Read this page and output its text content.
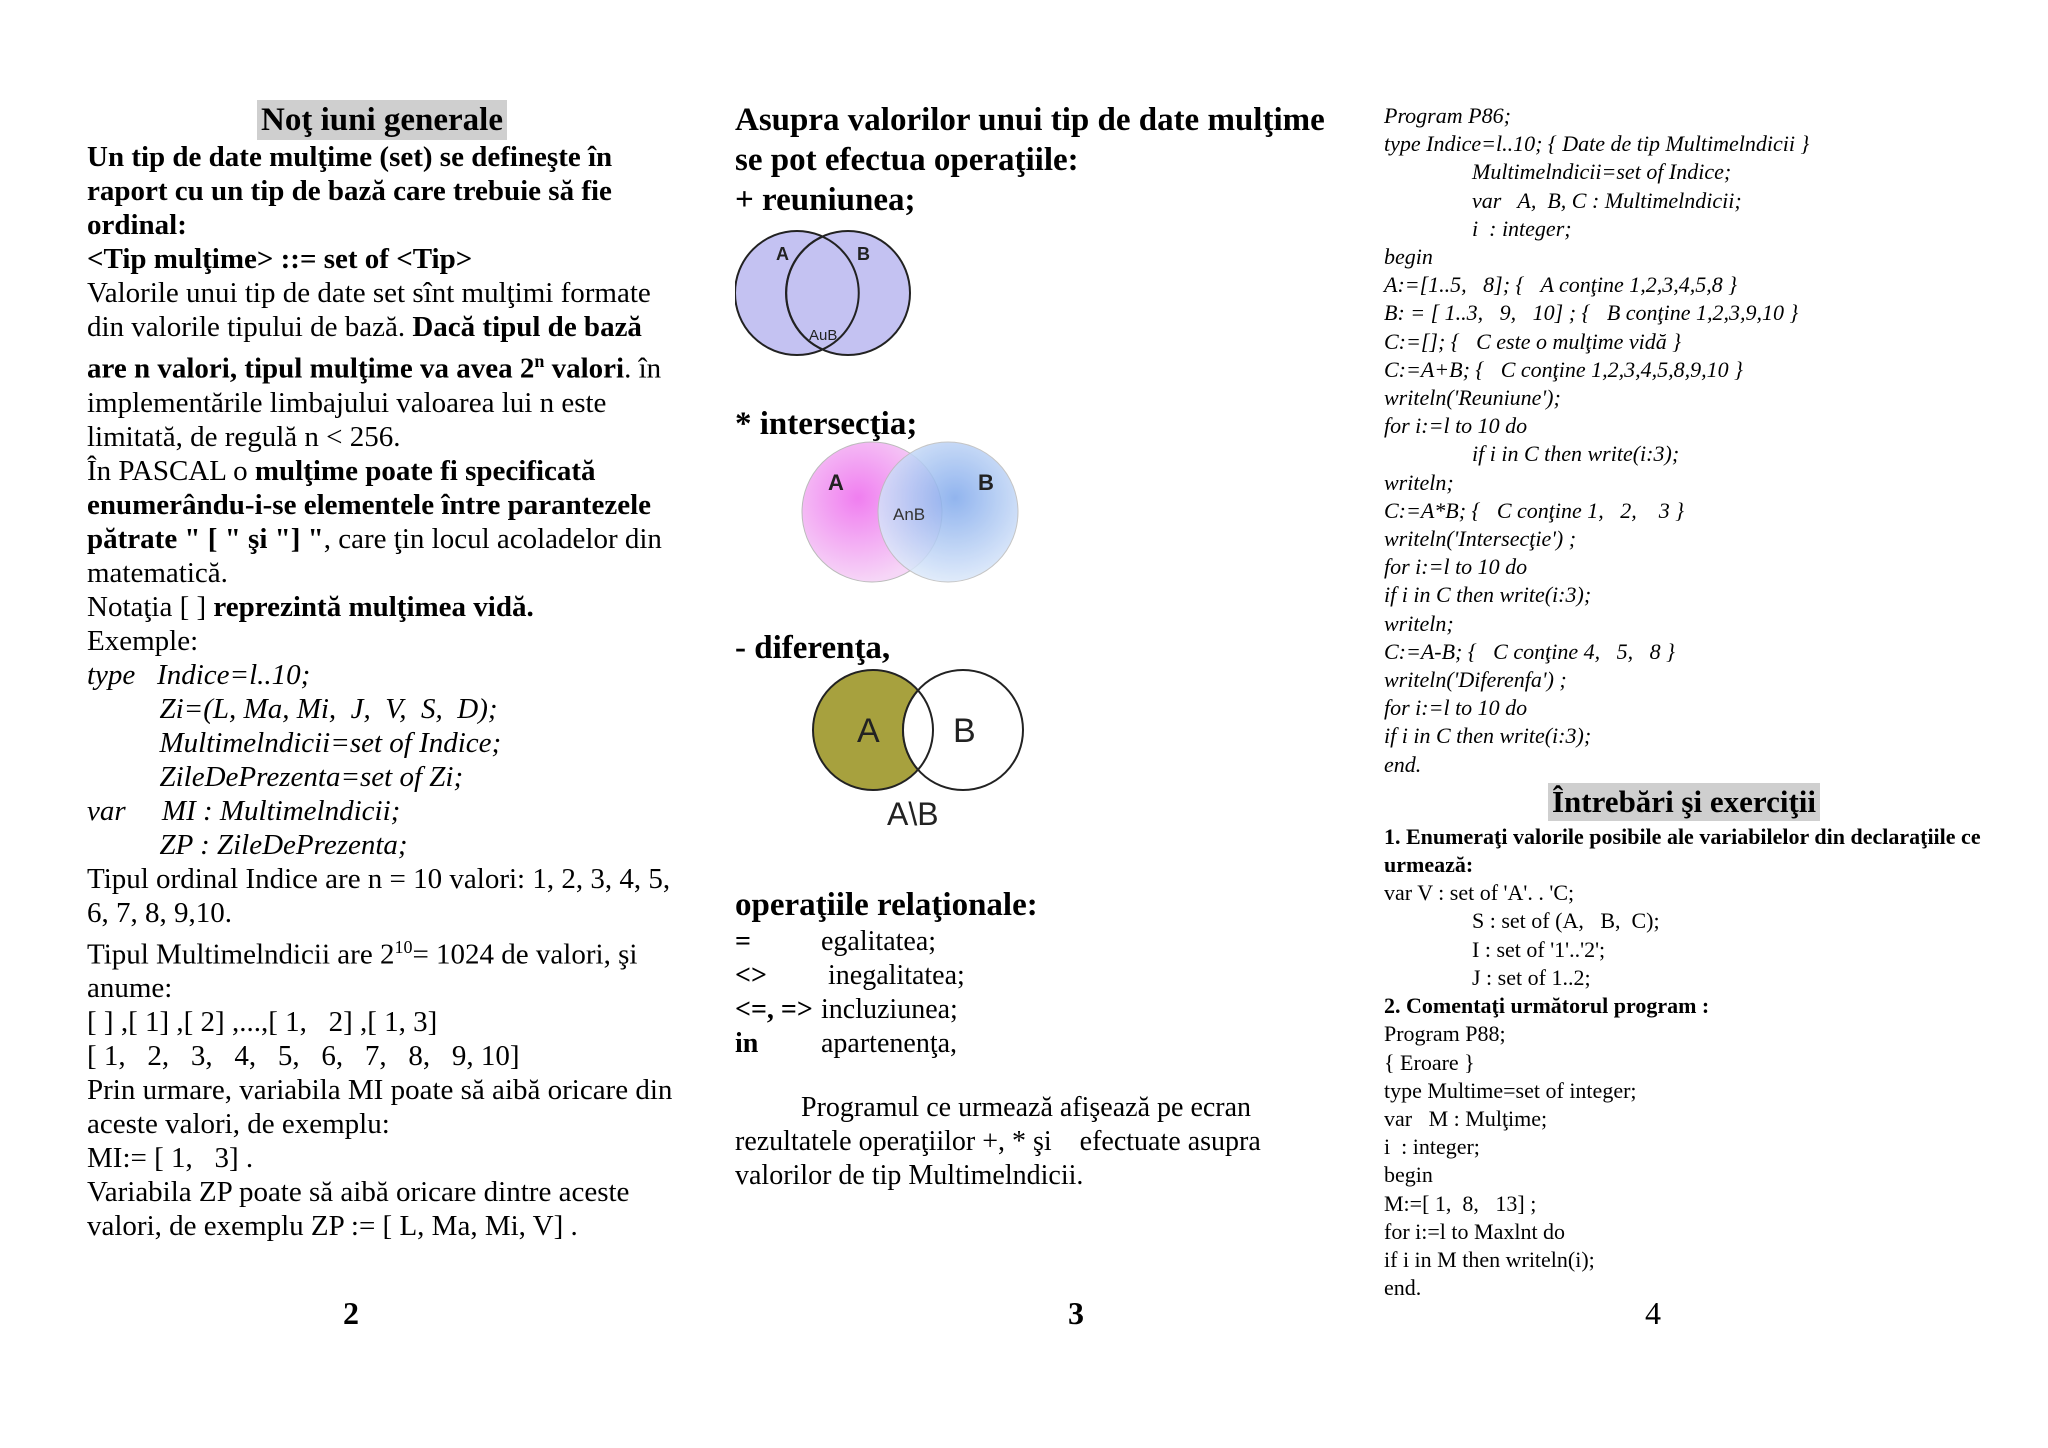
Noţ iuni generale
Un tip de date mulţime (set) se defineşte în raport cu un tip de bază care trebuie să fie ordinal:
<Tip mulţime> ::= set of <Tip>
Valorile unui tip de date set sînt mulţimi formate din valorile tipului de bază. Dacă tipul de bază are n valori, tipul mulţime va avea 2$^n$ valori. în implementările limbajului valoarea lui n este limitată, de regulă n < 256.
În PASCAL o mulţime poate fi specificată enumerându-i-se elementele între parantezele pătrate " [ " şi "] ", care ţin locul acoladelor din matematică.
Notaţia [ ] reprezintă mulţimea vidă.
Exemple:
type   Indice=l..10;
Zi=(L, Ma, Mi,  J,  V,  S,  D);
Multimelndicii=set of Indice;
ZileDePrezenta=set of Zi;
var     MI : Multimelndicii;
ZP : ZileDePrezenta;
Tipul ordinal Indice are n = 10 valori: 1, 2, 3, 4, 5, 6, 7, 8, 9,10.
Tipul Multimelndicii are $2^{10}= 1024$ de valori, şi anume:
[ ] ,[ 1] ,[ 2] ,...,[ 1,   2] ,[ 1, 3]
[ 1,   2,   3,   4,   5,   6,   7,   8,   9, 10]
Prin urmare, variabila MI poate să aibă oricare din aceste valori, de exemplu:
MI:= [ 1,   3] .
Variabila ZP poate să aibă oricare dintre aceste valori, de exemplu ZP := [ L, Ma, Mi, V] .
2
Asupra valorilor unui tip de date mulţime se pot efectua operaţiile:
+ reuniunea;
A	B
AuB
* intersecţia;
A	B
AnB
- diferenţa,
A B
A\B
operaţiile relaţionale:
=	egalitatea;
<>	inegalitatea;
<=, => incluziunea;
in	apartenenţa,
Programul ce urmează afişează pe ecran rezultatele operaţiilor +, * şi    efectuate asupra valorilor de tip Multimelndicii.
3
Program P86;
type Indice=l..10; { Date de tip Multimelndicii }
Multimelndicii=set of Indice;
var   A,  B, C : Multimelndicii;
i  : integer;
begin
A:=[1..5,   8]; {   A conţine 1,2,3,4,5,8 }
B: = [ 1..3,   9,   10] ; {   B conţine 1,2,3,9,10 }
C:=[]; {   C este o mulţime vidă }
C:=A+B; {   C conţine 1,2,3,4,5,8,9,10 }
writeln('Reuniune');
for i:=l to 10 do
if i in C then write(i:3);
writeln;
C:=A*B; {   C conţine 1,   2,    3 }
writeln('Intersecţie') ;
for i:=l to 10 do
if i in C then write(i:3);
writeln;
C:=A-B; {   C conţine 4,   5,   8 }
writeln('Diferenfa') ;
for i:=l to 10 do
if i in C then write(i:3);
end.
Întrebări şi exerciţii
1. Enumeraţi valorile posibile ale variabilelor din declaraţiile ce urmează:
var V : set of 'A'. . 'C;
S : set of (A,   B,  C);
I : set of '1'..'2';
J : set of 1..2;
2. Comentaţi următorul program :
Program P88;
{ Eroare }
type Multime=set of integer;
var   M : Mulţime;
i  : integer;
begin
M:=[ 1,  8,   13] ;
for i:=l to Maxlnt do
if i in M then writeln(i);
end.
4
